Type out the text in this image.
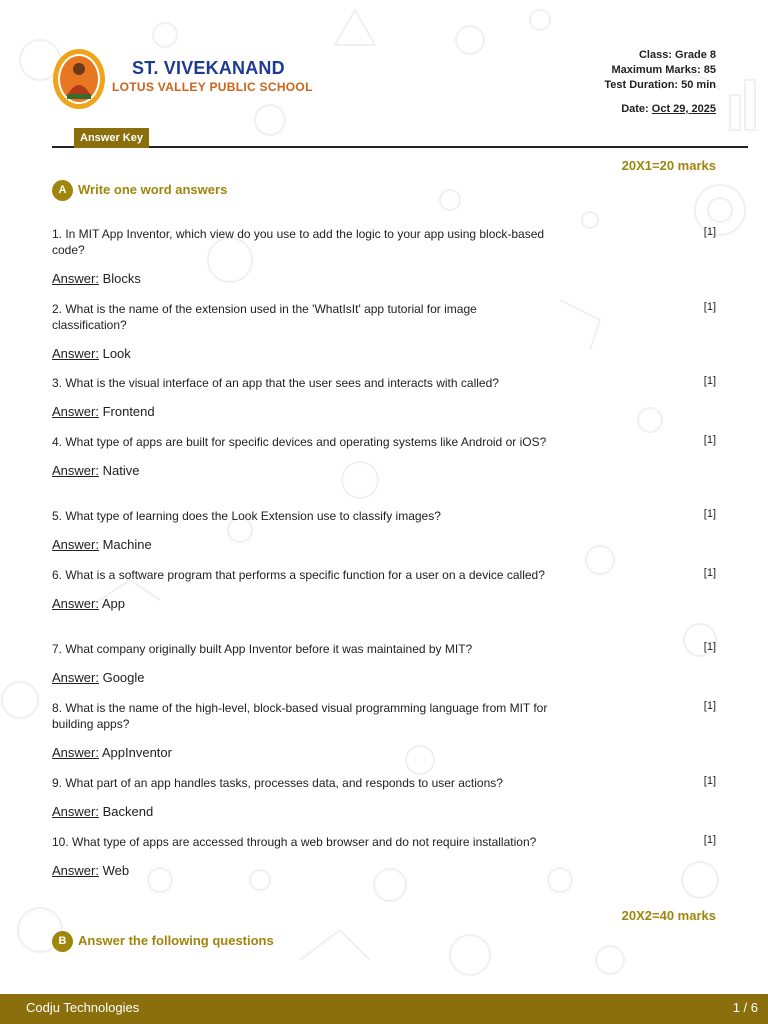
ST. VIVEKANAND
LOTUS VALLEY PUBLIC SCHOOL
Class: Grade 8
Maximum Marks: 85
Test Duration: 50 min
Date: Oct 29, 2025
Answer Key
20X1=20 marks
A Write one word answers
1. In MIT App Inventor, which view do you use to add the logic to your app using block-based code?
[1]
Answer: Blocks
2. What is the name of the extension used in the 'WhatIsIt' app tutorial for image classification?
[1]
Answer: Look
3. What is the visual interface of an app that the user sees and interacts with called?	[1]
Answer: Frontend
4. What type of apps are built for specific devices and operating systems like Android or iOS?	[1]
Answer: Native
5. What type of learning does the Look Extension use to classify images?	[1]
Answer: Machine
6. What is a software program that performs a specific function for a user on a device called?	[1]
Answer: App
7. What company originally built App Inventor before it was maintained by MIT?	[1]
Answer: Google
8. What is the name of the high-level, block-based visual programming language from MIT for building apps?
[1]
Answer: AppInventor
9. What part of an app handles tasks, processes data, and responds to user actions?	[1]
Answer: Backend
10. What type of apps are accessed through a web browser and do not require installation?	[1]
Answer: Web
20X2=40 marks
B Answer the following questions
Codju Technologies	1 / 6
